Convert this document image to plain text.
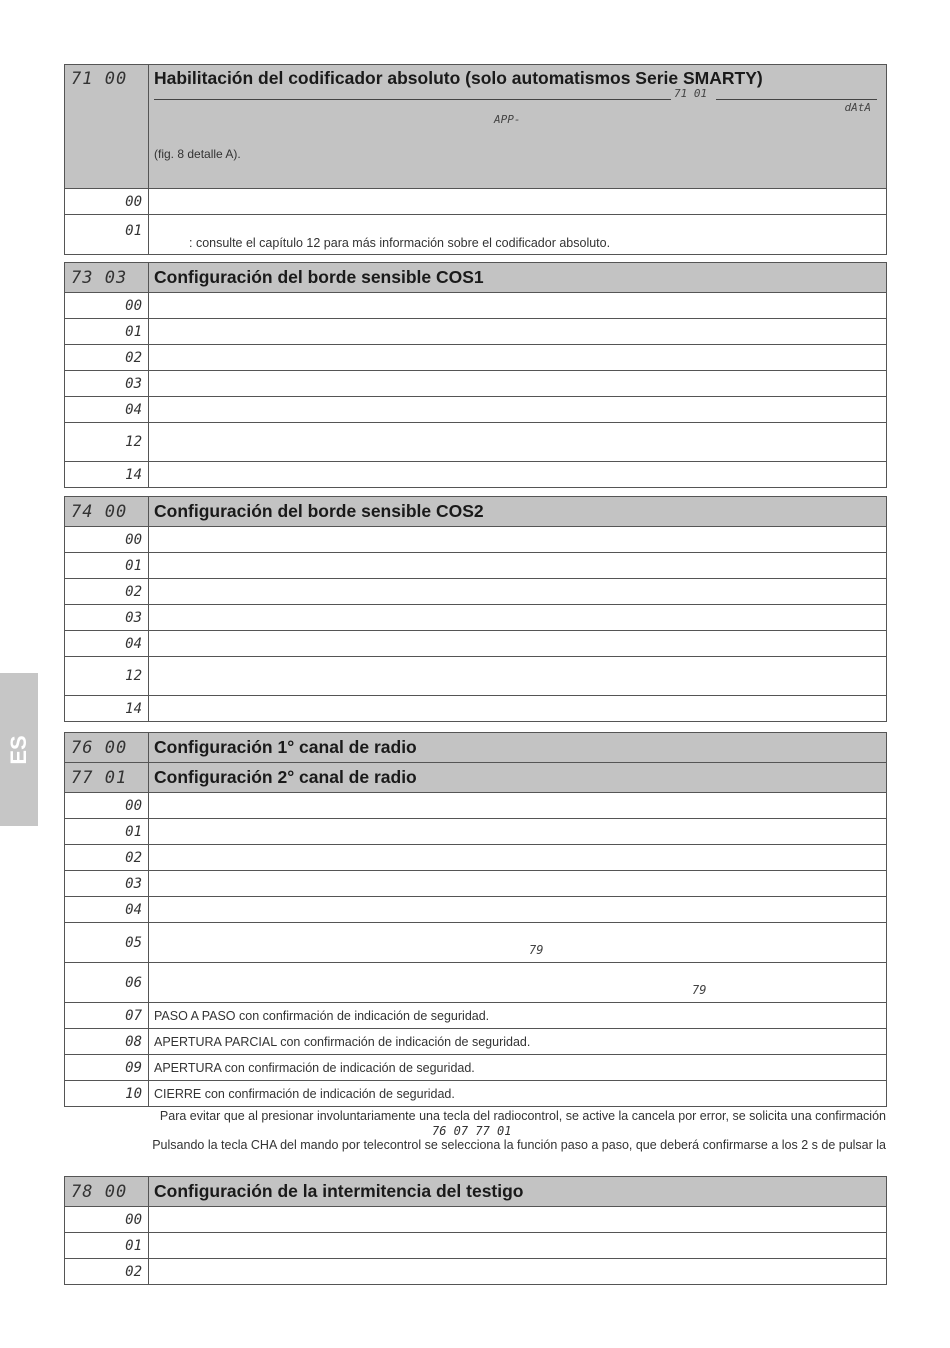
ES
71 00	Habilitación del codificador absoluto (solo automatismos Serie SMARTY)
71 01
dAtA
APP-
(fig. 8 detalle A).

00	
01	: consulte el capítulo 12 para más información sobre el codificador absoluto.
73 03	Configuración del borde sensible COS1
00	
01	
02	
03	
04	
12	
14	
74 00	Configuración del borde sensible COS2
00	
01	
02	
03	
04	
12	
14	
76 00	Configuración 1° canal de radio
77 01	Configuración 2° canal de radio
00	
01	
02	
03	
04	
05	79

06	79

07	PASO A PASO con confirmación de indicación de seguridad.
08	APERTURA PARCIAL con confirmación de indicación de seguridad.
09	APERTURA con confirmación de indicación de seguridad.
10	CIERRE con confirmación de indicación de seguridad.
Para evitar que al presionar involuntariamente una tecla del radiocontrol, se active la cancela por error, se solicita una confirmación
76 07 77 01
Pulsando la tecla CHA del mando por telecontrol se selecciona la función paso a paso, que deberá confirmarse a los 2 s de pulsar la
78 00	Configuración de la intermitencia del testigo
00	
01	
02	
